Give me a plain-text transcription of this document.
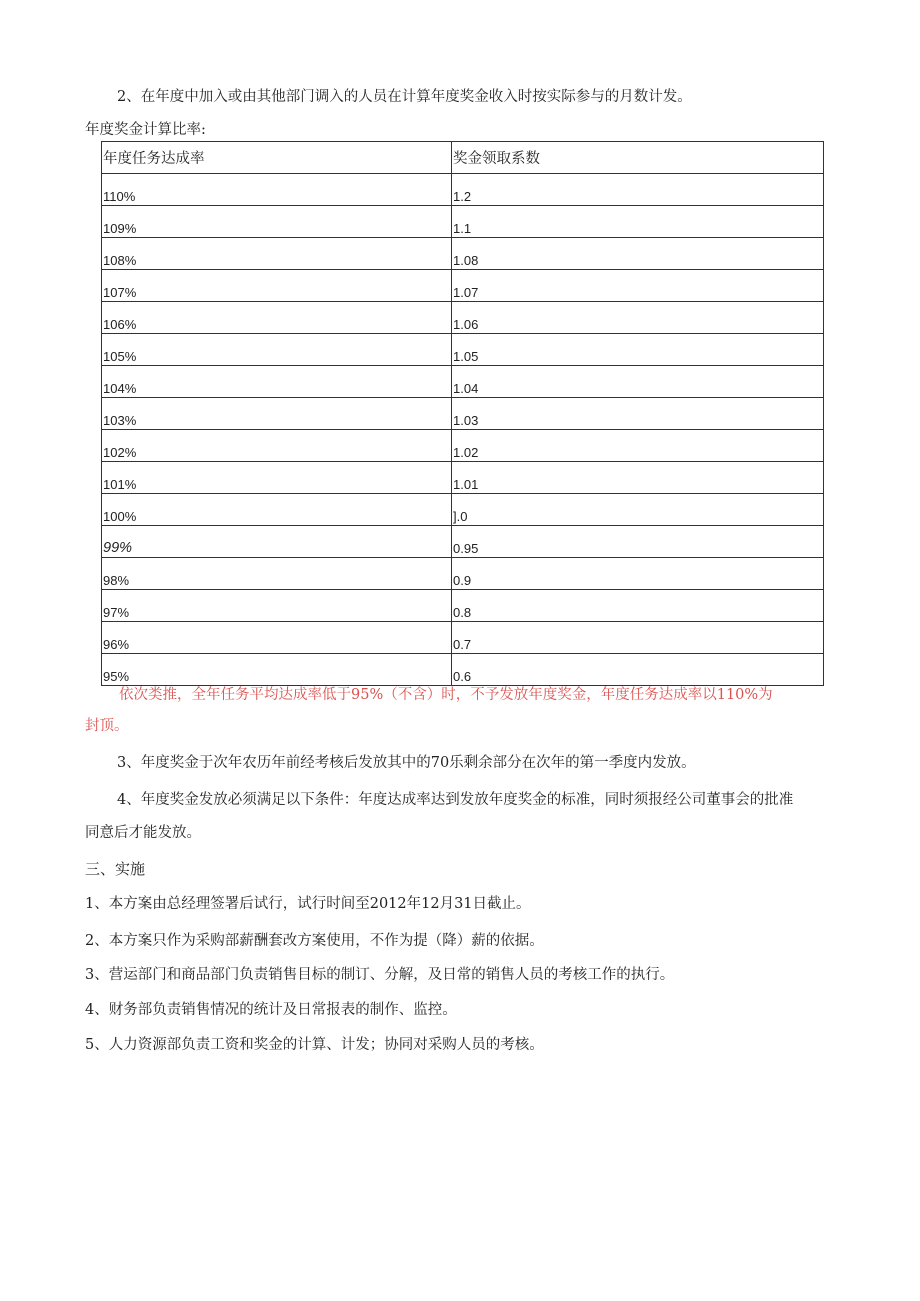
2、在年度中加入或由其他部门调入的人员在计算年度奖金收入时按实际参与的月数计发。
年度奖金计算比率:
年度任务达成率	奖金领取系数

110%	1.2

109%	1.1

108%	1.08

107%	1.07

106%	1.06

105%	1.05

104%	1.04

103%	1.03

102%	1.02

101%	1.01

100%	].0

99%	0.95

98%	0.9

97%	0.8

96%	0.7

95%	0.6
依次类推，全年任务平均达成率低于95%（不含）时，不予发放年度奖金，年度任务达成率以110%为
封顶。
3、年度奖金于次年农历年前经考核后发放其中的70乐剩余部分在次年的第一季度内发放。
4、年度奖金发放必须满足以下条件：年度达成率达到发放年度奖金的标准，同时须报经公司董事会的批准
同意后才能发放。
三、实施
1、本方案由总经理签署后试行，试行时间至2012年12月31日截止。
2、本方案只作为采购部薪酬套改方案使用，不作为提（降）薪的依据。
3、营运部门和商品部门负责销售目标的制订、分解，及日常的销售人员的考核工作的执行。
4、财务部负责销售情况的统计及日常报表的制作、监控。
5、人力资源部负责工资和奖金的计算、计发；协同对采购人员的考核。
